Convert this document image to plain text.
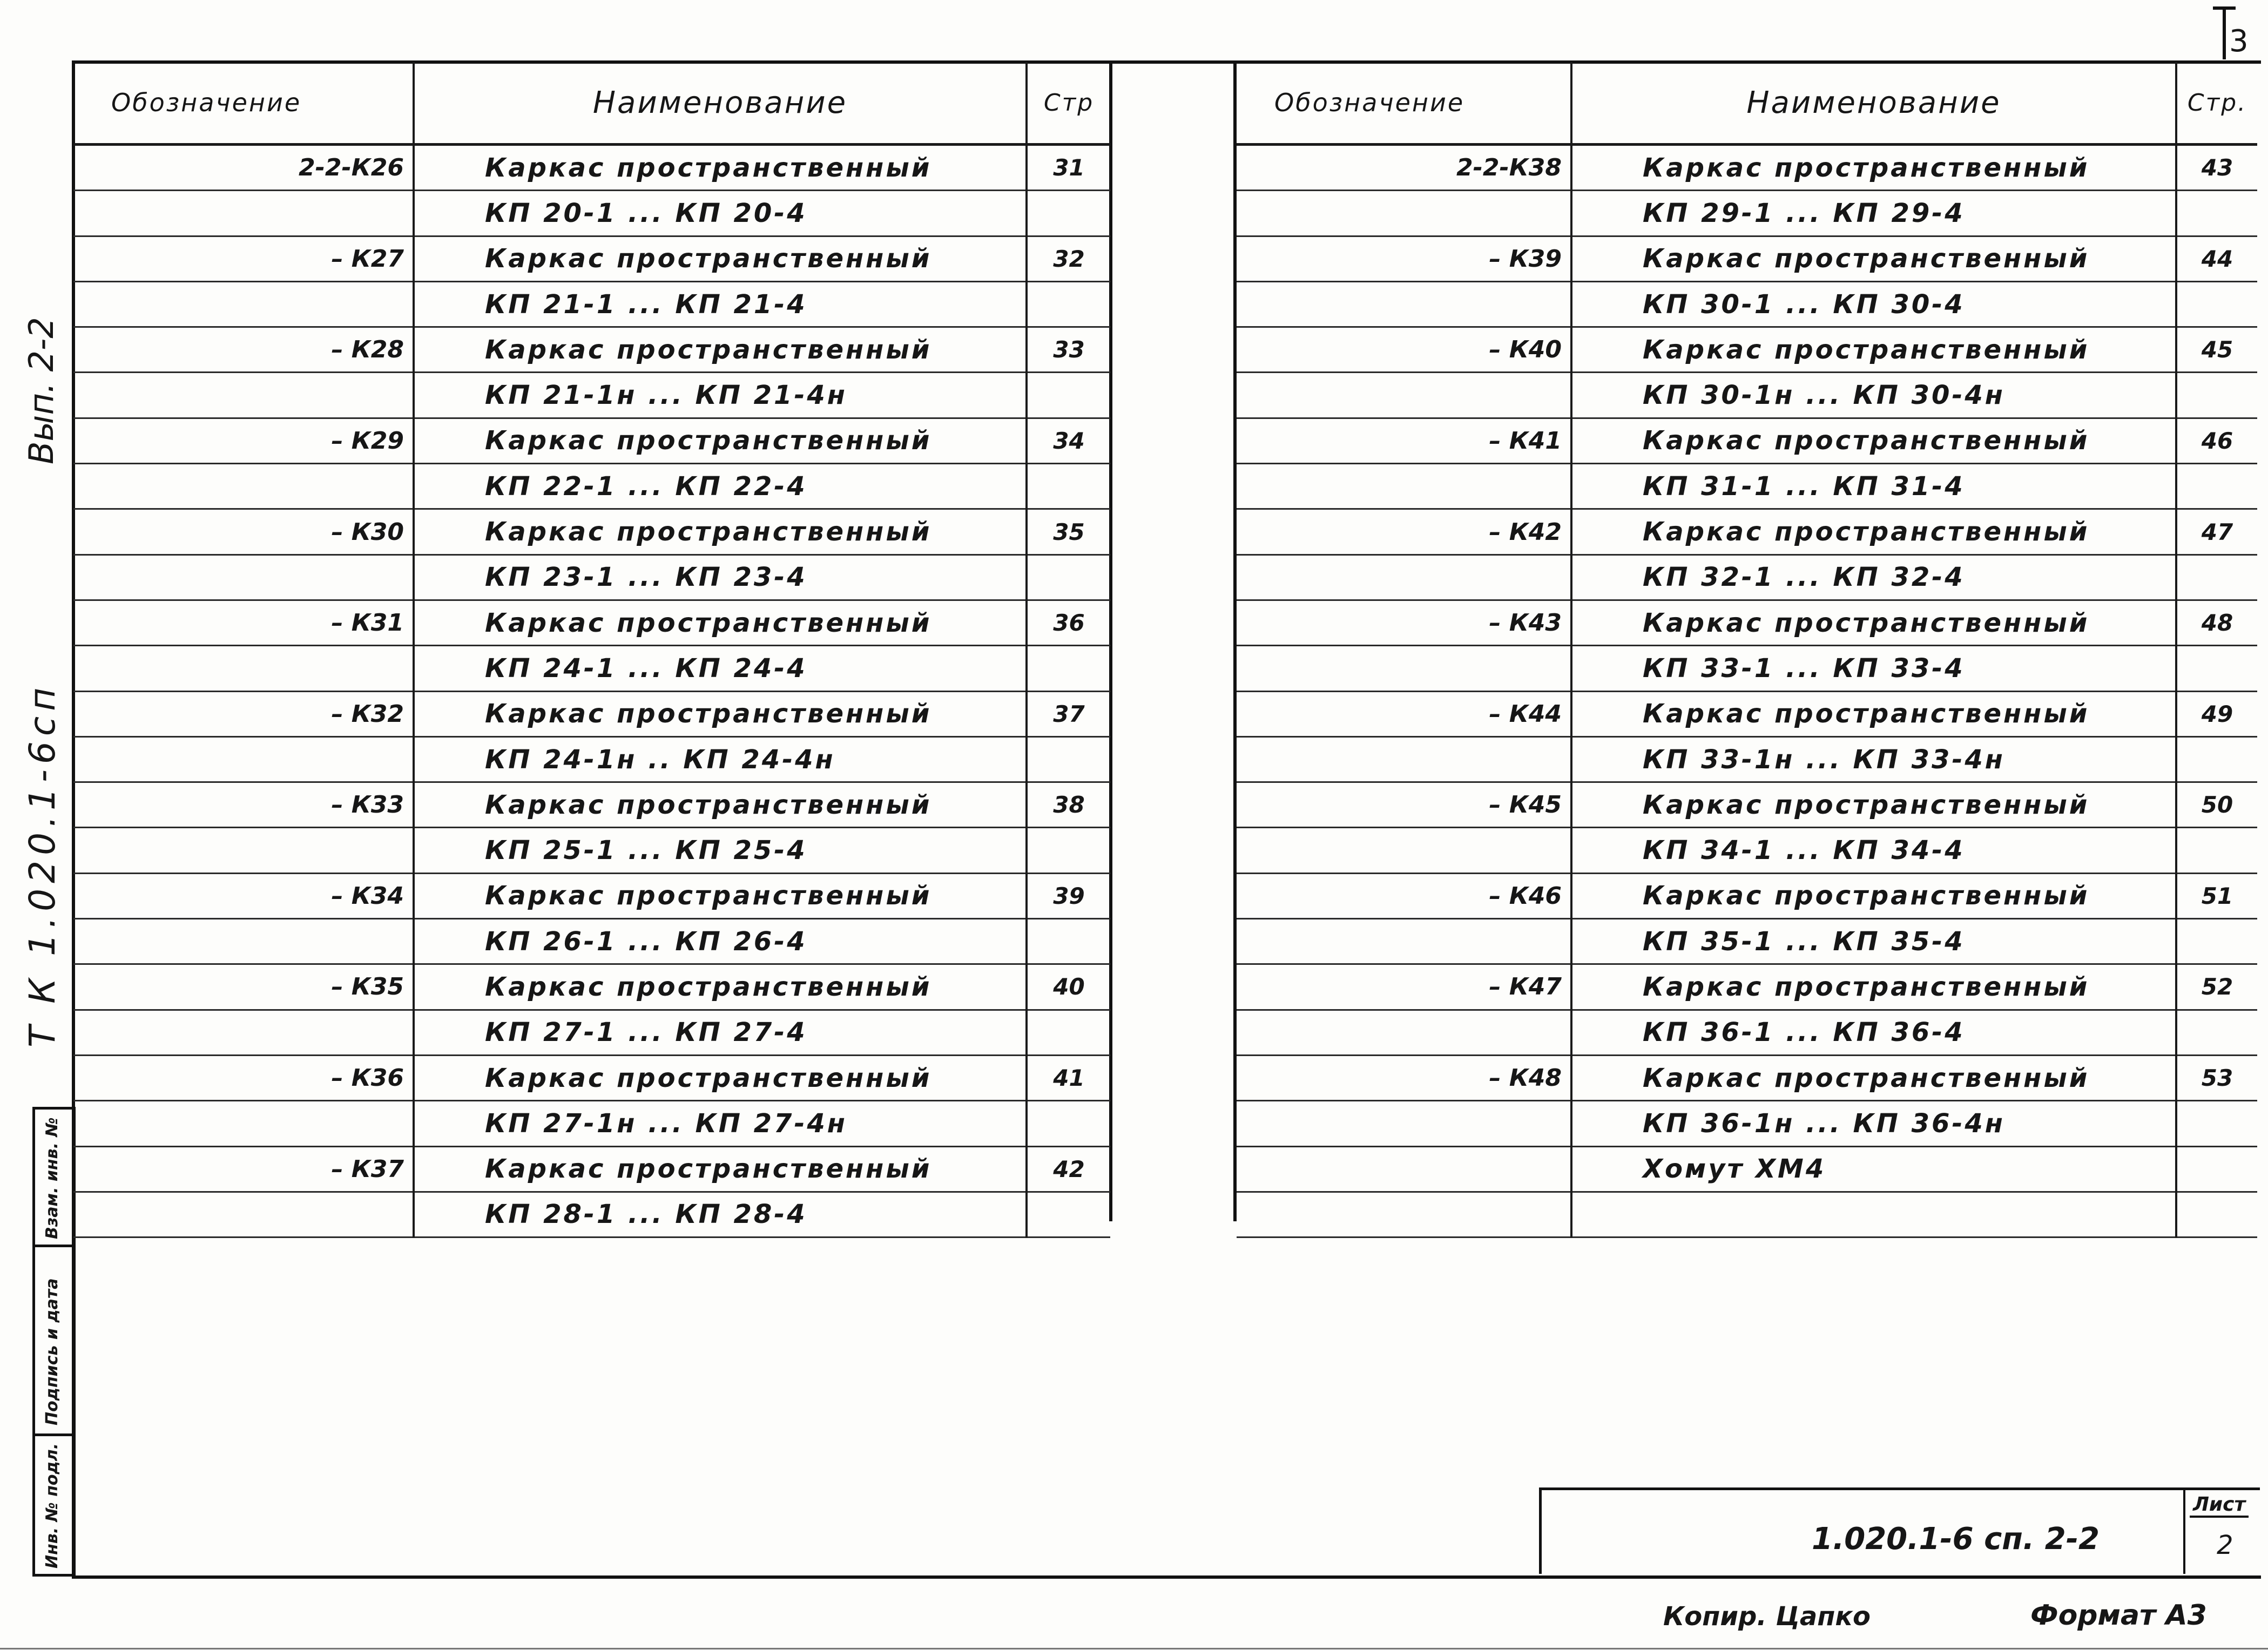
3
Вып. 2-2
Т К 1.020.1-6сп
Взам. инв. №
Подпись и дата
Инв. № подл.
Обозначение	Наименование	Стр
2-2-К26	Каркас пространственный	31
	КП 20-1 ... КП 20-4	
– К27	Каркас пространственный	32
	КП 21-1 ... КП 21-4	
– К28	Каркас пространственный	33
	КП 21-1н ... КП 21-4н	
– К29	Каркас пространственный	34
	КП 22-1 ... КП 22-4	
– К30	Каркас пространственный	35
	КП 23-1 ... КП 23-4	
– К31	Каркас пространственный	36
	КП 24-1 ... КП 24-4	
– К32	Каркас пространственный	37
	КП 24-1н .. КП 24-4н	
– К33	Каркас пространственный	38
	КП 25-1 ... КП 25-4	
– К34	Каркас пространственный	39
	КП 26-1 ... КП 26-4	
– К35	Каркас пространственный	40
	КП 27-1 ... КП 27-4	
– К36	Каркас пространственный	41
	КП 27-1н ... КП 27-4н	
– К37	Каркас пространственный	42
	КП 28-1 ... КП 28-4	
Обозначение	Наименование	Стр.
2-2-К38	Каркас пространственный	43
	КП 29-1 ... КП 29-4	
– К39	Каркас пространственный	44
	КП 30-1 ... КП 30-4	
– К40	Каркас пространственный	45
	КП 30-1н ... КП 30-4н	
– К41	Каркас пространственный	46
	КП 31-1 ... КП 31-4	
– К42	Каркас пространственный	47
	КП 32-1 ... КП 32-4	
– К43	Каркас пространственный	48
	КП 33-1 ... КП 33-4	
– К44	Каркас пространственный	49
	КП 33-1н ... КП 33-4н	
– К45	Каркас пространственный	50
	КП 34-1 ... КП 34-4	
– К46	Каркас пространственный	51
	КП 35-1 ... КП 35-4	
– К47	Каркас пространственный	52
	КП 36-1 ... КП 36-4	
– К48	Каркас пространственный	53
	КП 36-1н ... КП 36-4н	
	Хомут ХМ4	

1.020.1-6 сп. 2-2
Лист
2
Копир. Цапко	Формат А3
